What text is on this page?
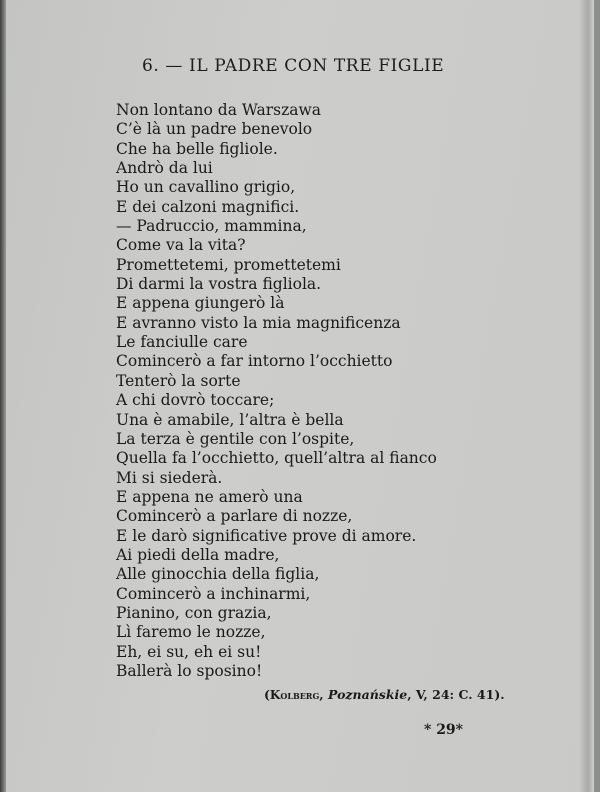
6. — IL PADRE CON TRE FIGLIE
Non lontano da Warszawa
C’è là un padre benevolo
Che ha belle figliole.
Andrò da lui
Ho un cavallino grigio,
E dei calzoni magnifici.
— Padruccio, mammina,
Come va la vita?
Promettetemi, promettetemi
Di darmi la vostra figliola.
E appena giungerò là
E avranno visto la mia magnificenza
Le fanciulle care
Comincerò a far intorno l’occhietto
Tenterò la sorte
A chi dovrò toccare;
Una è amabile, l’altra è bella
La terza è gentile con l’ospite,
Quella fa l’occhietto, quell’altra al fianco
Mi si siederà.
E appena ne amerò una
Comincerò a parlare di nozze,
E le darò significative prove di amore.
Ai piedi della madre,
Alle ginocchia della figlia,
Comincerò a inchinarmi,
Pianino, con grazia,
Lì faremo le nozze,
Eh, ei su, eh ei su!
Ballerà lo sposino!
(Kolberg, Poznańskie, V, 24: C. 41).
* 29*
